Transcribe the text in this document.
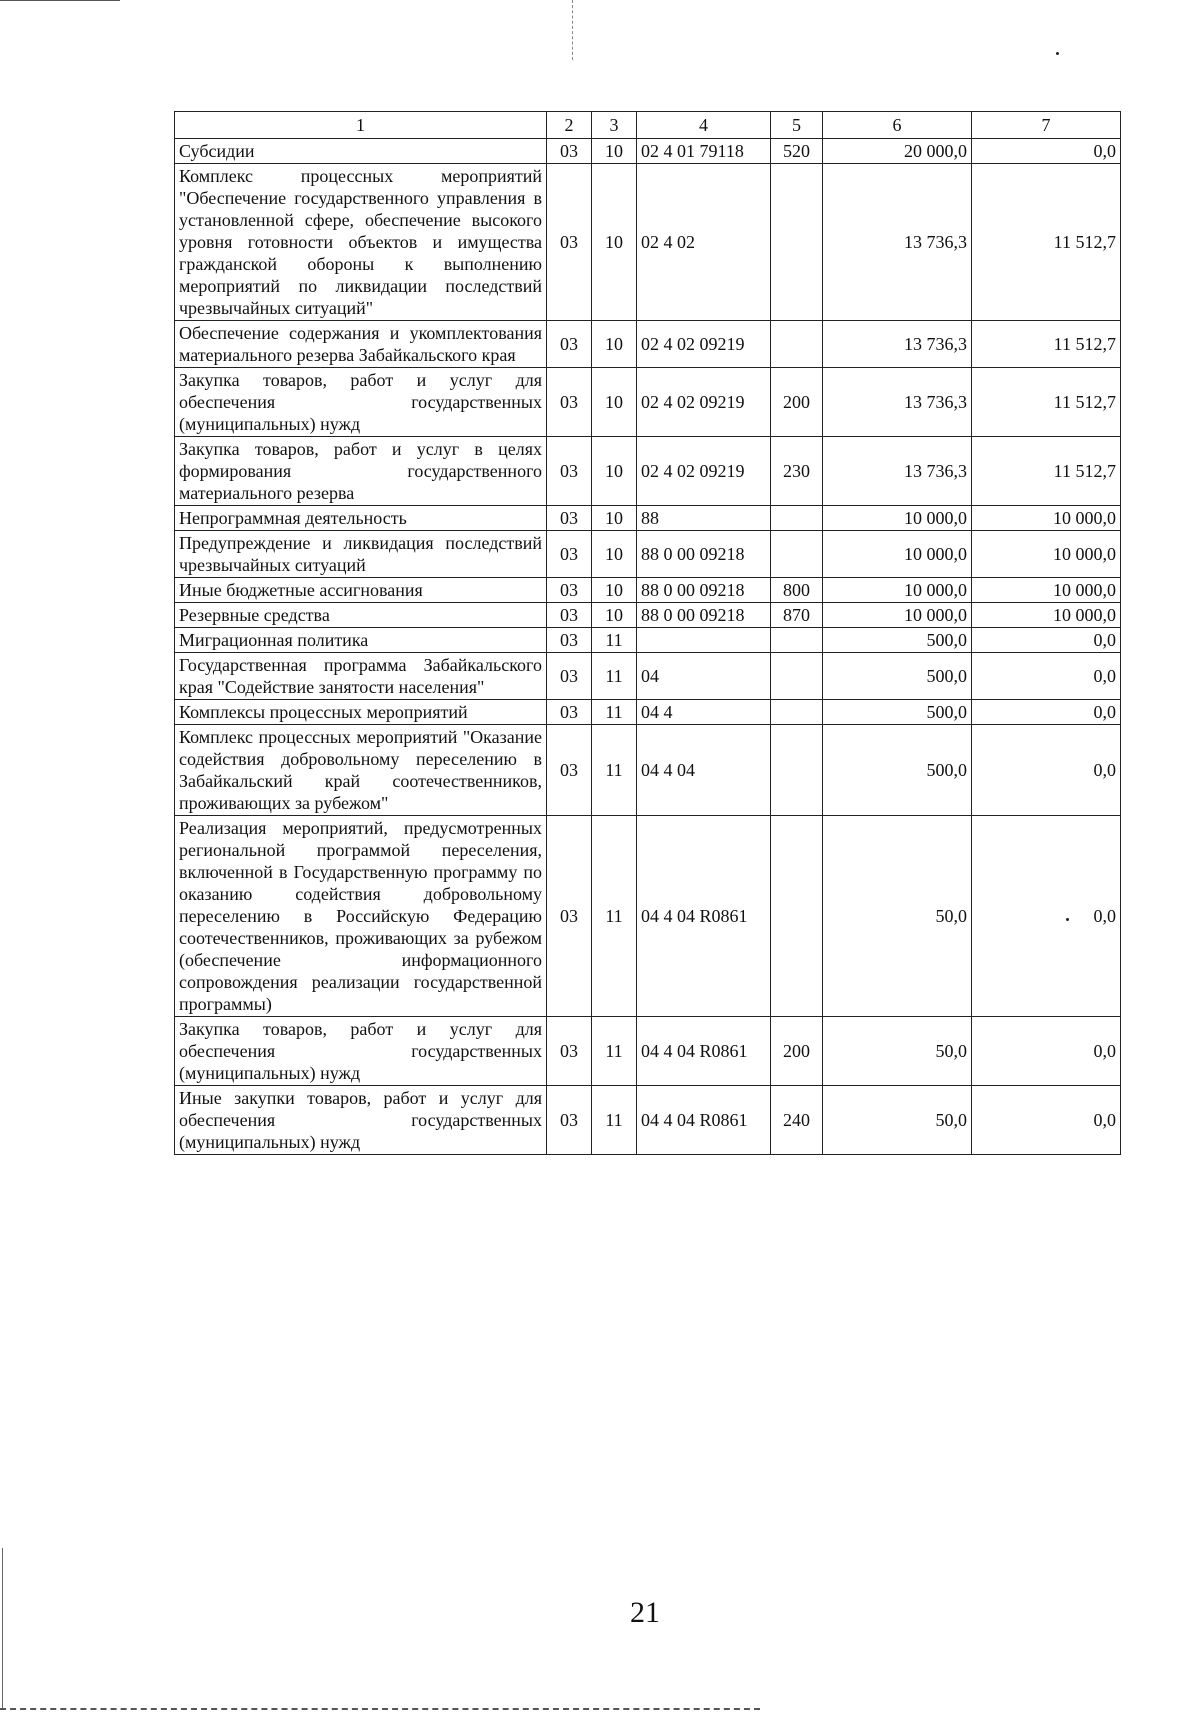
1	2	3	4	5	6	7
Субсидии	03	10	02 4 01 79118	520	20 000,0	0,0
Комплекс процессных мероприятий "Обеспечение государственного управления в установленной сфере, обеспечение высокого уровня готовности объектов и имущества гражданской обороны к выполнению мероприятий по ликвидации последствий чрезвычайных ситуаций"	03	10	02 4 02		13 736,3	11 512,7
Обеспечение содержания и укомплектования материального резерва Забайкальского края	03	10	02 4 02 09219		13 736,3	11 512,7
Закупка товаров, работ и услуг для обеспечения государственных (муниципальных) нужд	03	10	02 4 02 09219	200	13 736,3	11 512,7
Закупка товаров, работ и услуг в целях формирования государственного материального резерва	03	10	02 4 02 09219	230	13 736,3	11 512,7
Непрограммная деятельность	03	10	88		10 000,0	10 000,0
Предупреждение и ликвидация последствий чрезвычайных ситуаций	03	10	88 0 00 09218		10 000,0	10 000,0
Иные бюджетные ассигнования	03	10	88 0 00 09218	800	10 000,0	10 000,0
Резервные средства	03	10	88 0 00 09218	870	10 000,0	10 000,0
Миграционная политика	03	11			500,0	0,0
Государственная программа Забайкальского края "Содействие занятости населения"	03	11	04		500,0	0,0
Комплексы процессных мероприятий	03	11	04 4		500,0	0,0
Комплекс процессных мероприятий "Оказание содействия добровольному переселению в Забайкальский край соотечественников, проживающих за рубежом"	03	11	04 4 04		500,0	0,0
Реализация мероприятий, предусмотренных региональной программой переселения, включенной в Государственную программу по оказанию содействия добровольному переселению в Российскую Федерацию соотечественников, проживающих за рубежом (обеспечение информационного сопровождения реализации государственной программы)	03	11	04 4 04 R0861		50,0	0,0
Закупка товаров, работ и услуг для обеспечения государственных (муниципальных) нужд	03	11	04 4 04 R0861	200	50,0	0,0
Иные закупки товаров, работ и услуг для обеспечения государственных (муниципальных) нужд	03	11	04 4 04 R0861	240	50,0	0,0
21
